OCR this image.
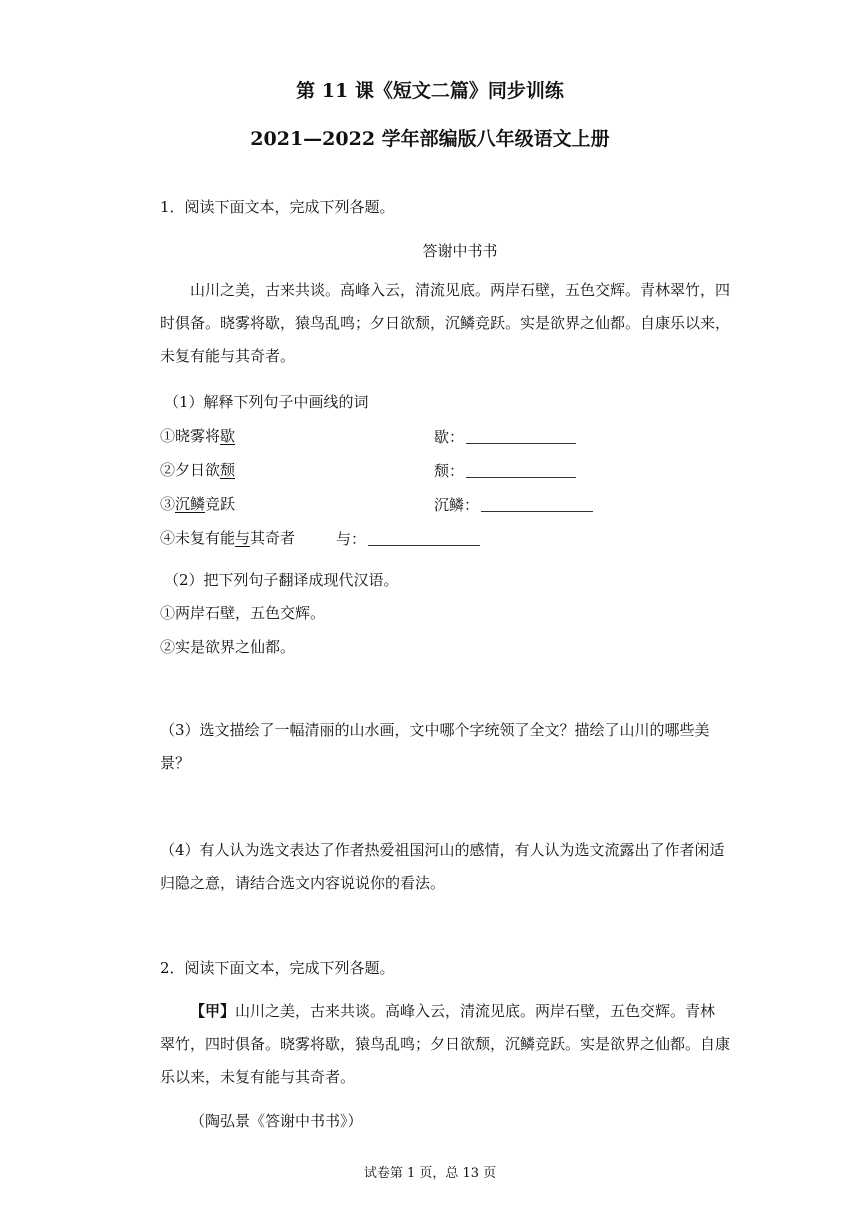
第 11 课《短文二篇》同步训练
2021—2022 学年部编版八年级语文上册
1．阅读下面文本，完成下列各题。
答谢中书书
山川之美，古来共谈。高峰入云，清流见底。两岸石壁，五色交辉。青林翠竹，四时俱备。晓雾将歇，猿鸟乱鸣；夕日欲颓，沉鳞竞跃。实是欲界之仙都。自康乐以来，未复有能与其奇者。
（1）解释下列句子中画线的词
①晓雾将歇	歇：
②夕日欲颓	颓：
③沉鳞竞跃	沉鳞：
④未复有能与其奇者	与：
（2）把下列句子翻译成现代汉语。
①两岸石壁，五色交辉。
②实是欲界之仙都。
（3）选文描绘了一幅清丽的山水画，文中哪个字统领了全文？描绘了山川的哪些美景？
（4）有人认为选文表达了作者热爱祖国河山的感情，有人认为选文流露出了作者闲适归隐之意，请结合选文内容说说你的看法。
2．阅读下面文本，完成下列各题。
【甲】山川之美，古来共谈。高峰入云，清流见底。两岸石壁，五色交辉。青林翠竹，四时俱备。晓雾将歇，猿鸟乱鸣；夕日欲颓，沉鳞竞跃。实是欲界之仙都。自康乐以来，未复有能与其奇者。
（陶弘景《答谢中书书》）
试卷第 1 页，总 13 页
